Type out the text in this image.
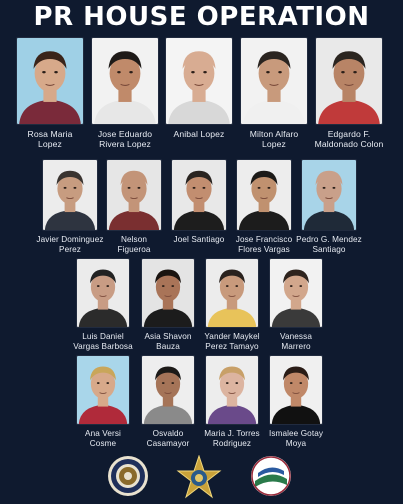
PR HOUSE OPERATION
Rosa Maria
Lopez
Jose Eduardo
Rivera Lopez
Anibal Lopez	Milton Alfaro
Lopez
Edgardo F.
Maldonado Colon
Javier Dominguez
Perez
Nelson
Figueroa
Joel Santiago	Jose Francisco
Flores Vargas
Pedro G. Mendez
Santiago
Luis Daniel
Vargas Barbosa
Asia Shavon
Bauza
Yander Maykel
Perez Tamayo
Vanessa
Marrero
Ana Versi
Cosme
Osvaldo
Casamayor
Maria J. Torres
Rodriguez
Ismalee Gotay
Moya
